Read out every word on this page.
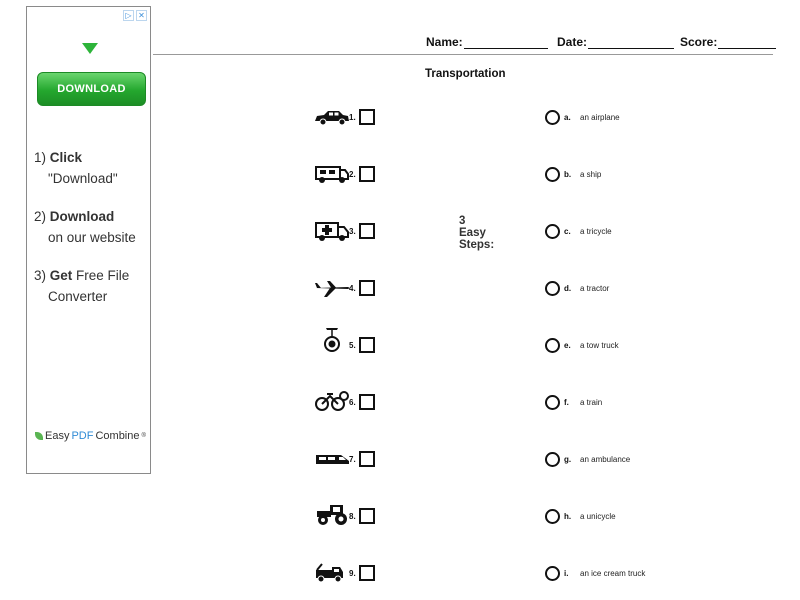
▷ ✕
DOWNLOAD
3 Easy Steps:
1) Click
"Download"
2) Download
on our website
3) Get Free File
Converter
Easy PDF Combine ®
Name:	Date:	Score:
Transportation
1.
2.
3.
4.
5.
6.
7.
8.
9.
a.	an airplane
b.	a ship
c.	a tricycle
d.	a tractor
e.	a tow truck
f.	a train
g.	an ambulance
h.	a unicycle
i.	an ice cream truck
